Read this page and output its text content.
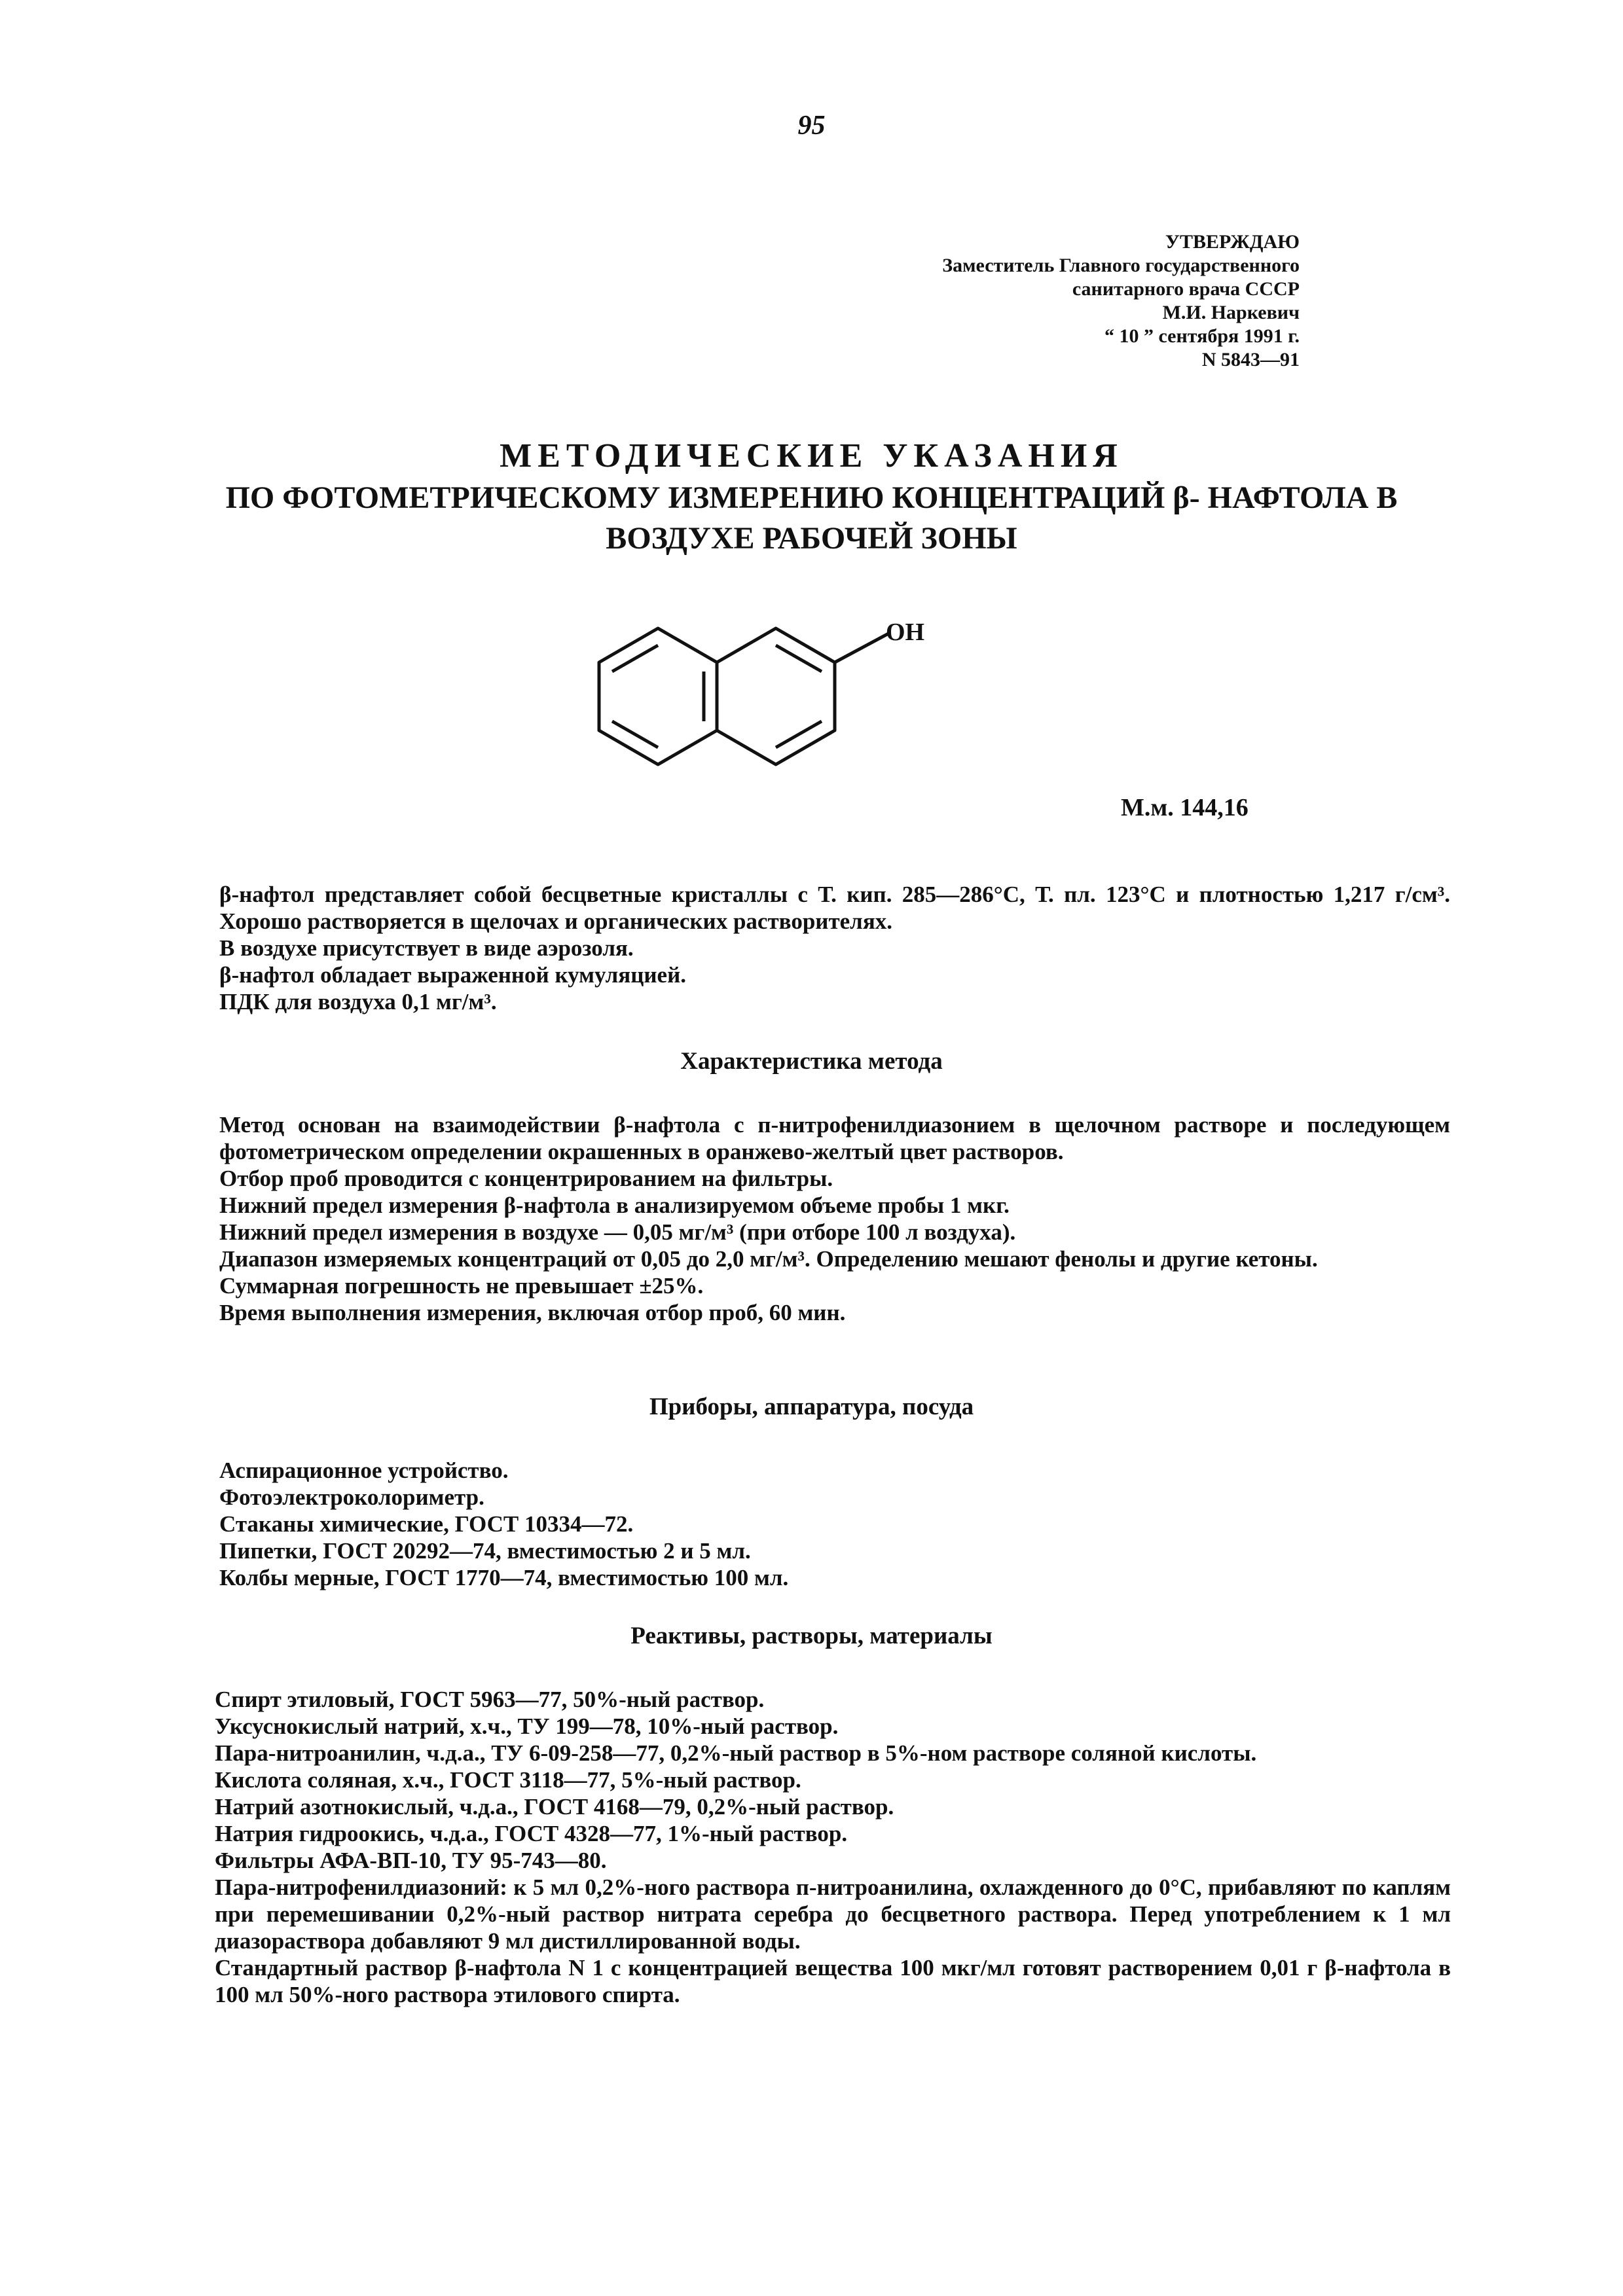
95
УТВЕРЖДАЮ
Заместитель Главного государственного
санитарного врача СССР
М.И. Наркевич
“ 10 ” сентября 1991 г.
N 5843—91
МЕТОДИЧЕСКИЕ УКАЗАНИЯ
ПО ФОТОМЕТРИЧЕСКОМУ ИЗМЕРЕНИЮ КОНЦЕНТРАЦИЙ β- НАФТОЛА В
ВОЗДУХЕ РАБОЧЕЙ ЗОНЫ
OH
М.м. 144,16

β-нафтол представляет собой бесцветные кристаллы с Т. кип. 285—286°С, Т. пл. 123°С и плотностью 1,217 г/см³. Хорошо растворяется в щелочах и органических растворителях.

В воздухе присутствует в виде аэрозоля.

β-нафтол обладает выраженной кумуляцией.

ПДК для воздуха 0,1 мг/м³.

Характеристика метода

Метод основан на взаимодействии β-нафтола с п-нитрофенилдиазонием в щелочном растворе и последующем фотометрическом определении окрашенных в оранжево-желтый цвет растворов.

Отбор проб проводится с концентрированием на фильтры.

Нижний предел измерения β-нафтола в анализируемом объеме пробы 1 мкг.

Нижний предел измерения в воздухе — 0,05 мг/м³ (при отборе 100 л воздуха).

Диапазон измеряемых концентраций от 0,05 до 2,0 мг/м³. Определению мешают фенолы и другие кетоны.

Суммарная погрешность не превышает ±25%.

Время выполнения измерения, включая отбор проб, 60 мин.

Приборы, аппаратура, посуда

Аспирационное устройство.

Фотоэлектроколориметр.

Стаканы химические, ГОСТ 10334—72.

Пипетки, ГОСТ 20292—74, вместимостью 2 и 5 мл.

Колбы мерные, ГОСТ 1770—74, вместимостью 100 мл.

Реактивы, растворы, материалы

Спирт этиловый, ГОСТ 5963—77, 50%-ный раствор.

Уксуснокислый натрий, х.ч., ТУ 199—78, 10%-ный раствор.

Пара-нитроанилин, ч.д.а., ТУ 6-09-258—77, 0,2%-ный раствор в 5%-ном растворе соляной кислоты.

Кислота соляная, х.ч., ГОСТ 3118—77, 5%-ный раствор.

Натрий азотнокислый, ч.д.а., ГОСТ 4168—79, 0,2%-ный раствор.

Натрия гидроокись, ч.д.а., ГОСТ 4328—77, 1%-ный раствор.

Фильтры АФА-ВП-10, ТУ 95-743—80.

Пара-нитрофенилдиазоний: к 5 мл 0,2%-ного раствора п-нитроанилина, охлажденного до 0°С, прибавляют по каплям при перемешивании 0,2%-ный раствор нитрата серебра до бесцветного раствора. Перед употреблением к 1 мл диазораствора добавляют 9 мл дистиллированной воды.

Стандартный раствор β-нафтола N 1 с концентрацией вещества 100 мкг/мл готовят растворением 0,01 г β-нафтола в 100 мл 50%-ного раствора этилового спирта.
